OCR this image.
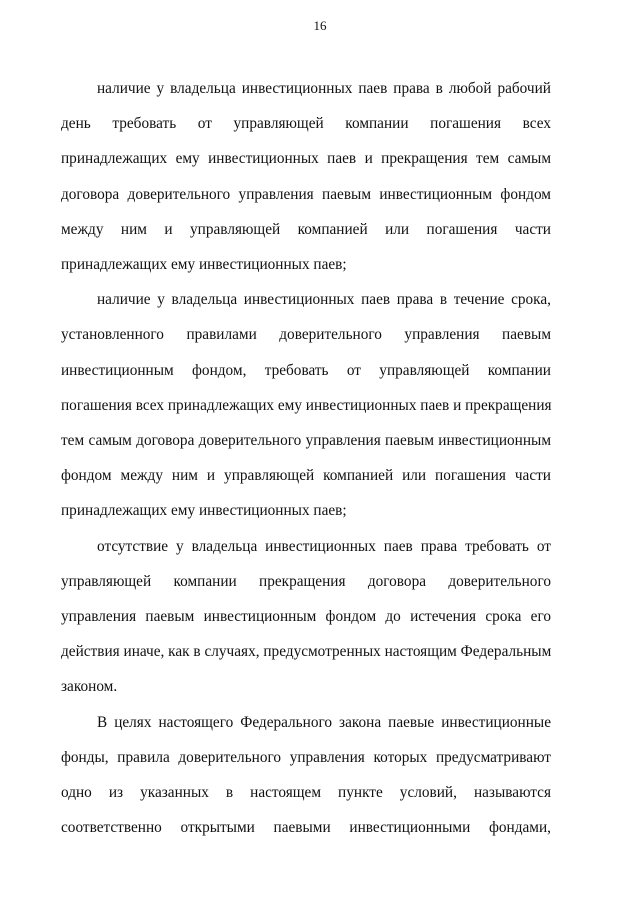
16

наличие у владельца инвестиционных паев права в любой рабочий
день требовать от управляющей компании погашения всех
принадлежащих ему инвестиционных паев и прекращения тем самым
договора доверительного управления паевым инвестиционным фондом
между ним и управляющей компанией или погашения части
принадлежащих ему инвестиционных паев;

наличие у владельца инвестиционных паев права в течение срока,
установленного правилами доверительного управления паевым
инвестиционным фондом, требовать от управляющей компании
погашения всех принадлежащих ему инвестиционных паев и прекращения
тем самым договора доверительного управления паевым инвестиционным
фондом между ним и управляющей компанией или погашения части
принадлежащих ему инвестиционных паев;

отсутствие у владельца инвестиционных паев права требовать от
управляющей компании прекращения договора доверительного
управления паевым инвестиционным фондом до истечения срока его
действия иначе, как в случаях, предусмотренных настоящим Федеральным
законом.

В целях настоящего Федерального закона паевые инвестиционные
фонды, правила доверительного управления которых предусматривают
одно из указанных в настоящем пункте условий, называются
соответственно открытыми паевыми инвестиционными фондами,
